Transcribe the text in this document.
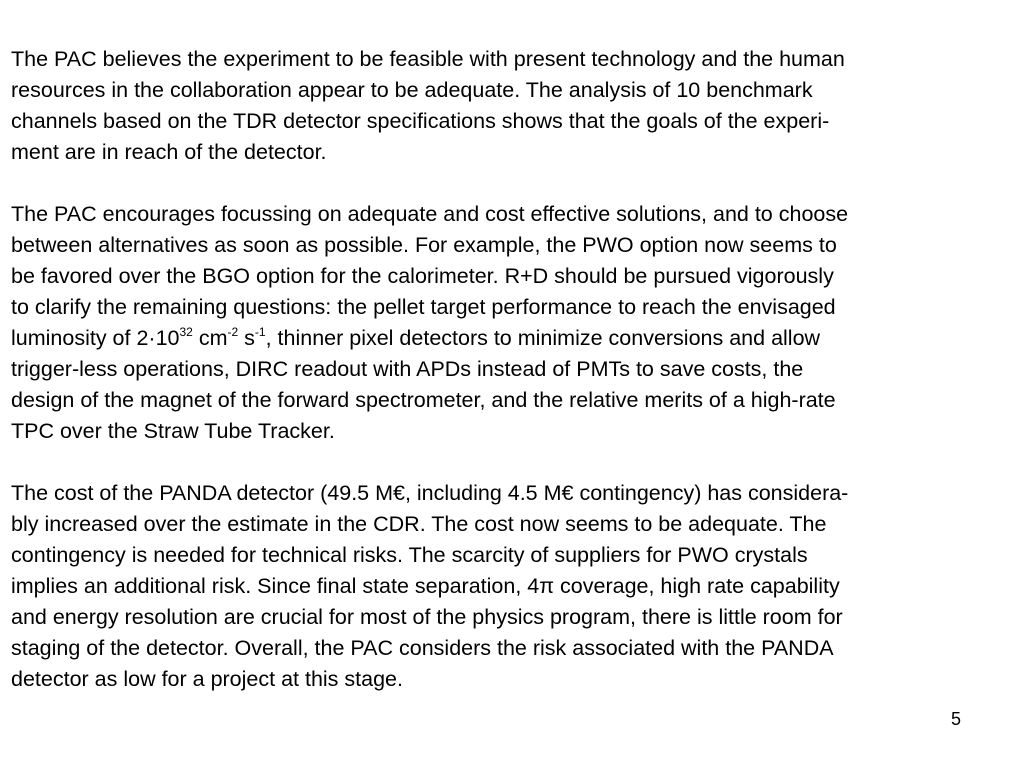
The PAC believes the experiment to be feasible with present technology and the human
resources in the collaboration appear to be adequate. The analysis of 10 benchmark
channels based on the TDR detector specifications shows that the goals of the experi-
ment are in reach of the detector.

The PAC encourages focussing on adequate and cost effective solutions, and to choose
between alternatives as soon as possible. For example, the PWO option now seems to
be favored over the BGO option for the calorimeter. R+D should be pursued vigorously
to clarify the remaining questions: the pellet target performance to reach the envisaged
luminosity of $2\cdot 10^{32}$ $cm^{-2}$ $s^{-1}$, thinner pixel detectors to minimize conversions and allow
trigger-less operations, DIRC readout with APDs instead of PMTs to save costs, the
design of the magnet of the forward spectrometer, and the relative merits of a high-rate
TPC over the Straw Tube Tracker.

The cost of the PANDA detector (49.5 M€, including 4.5 M€ contingency) has considera-
bly increased over the estimate in the CDR. The cost now seems to be adequate. The
contingency is needed for technical risks. The scarcity of suppliers for PWO crystals
implies an additional risk. Since final state separation, 4π coverage, high rate capability
and energy resolution are crucial for most of the physics program, there is little room for
staging of the detector. Overall, the PAC considers the risk associated with the PANDA
detector as low for a project at this stage.

5
